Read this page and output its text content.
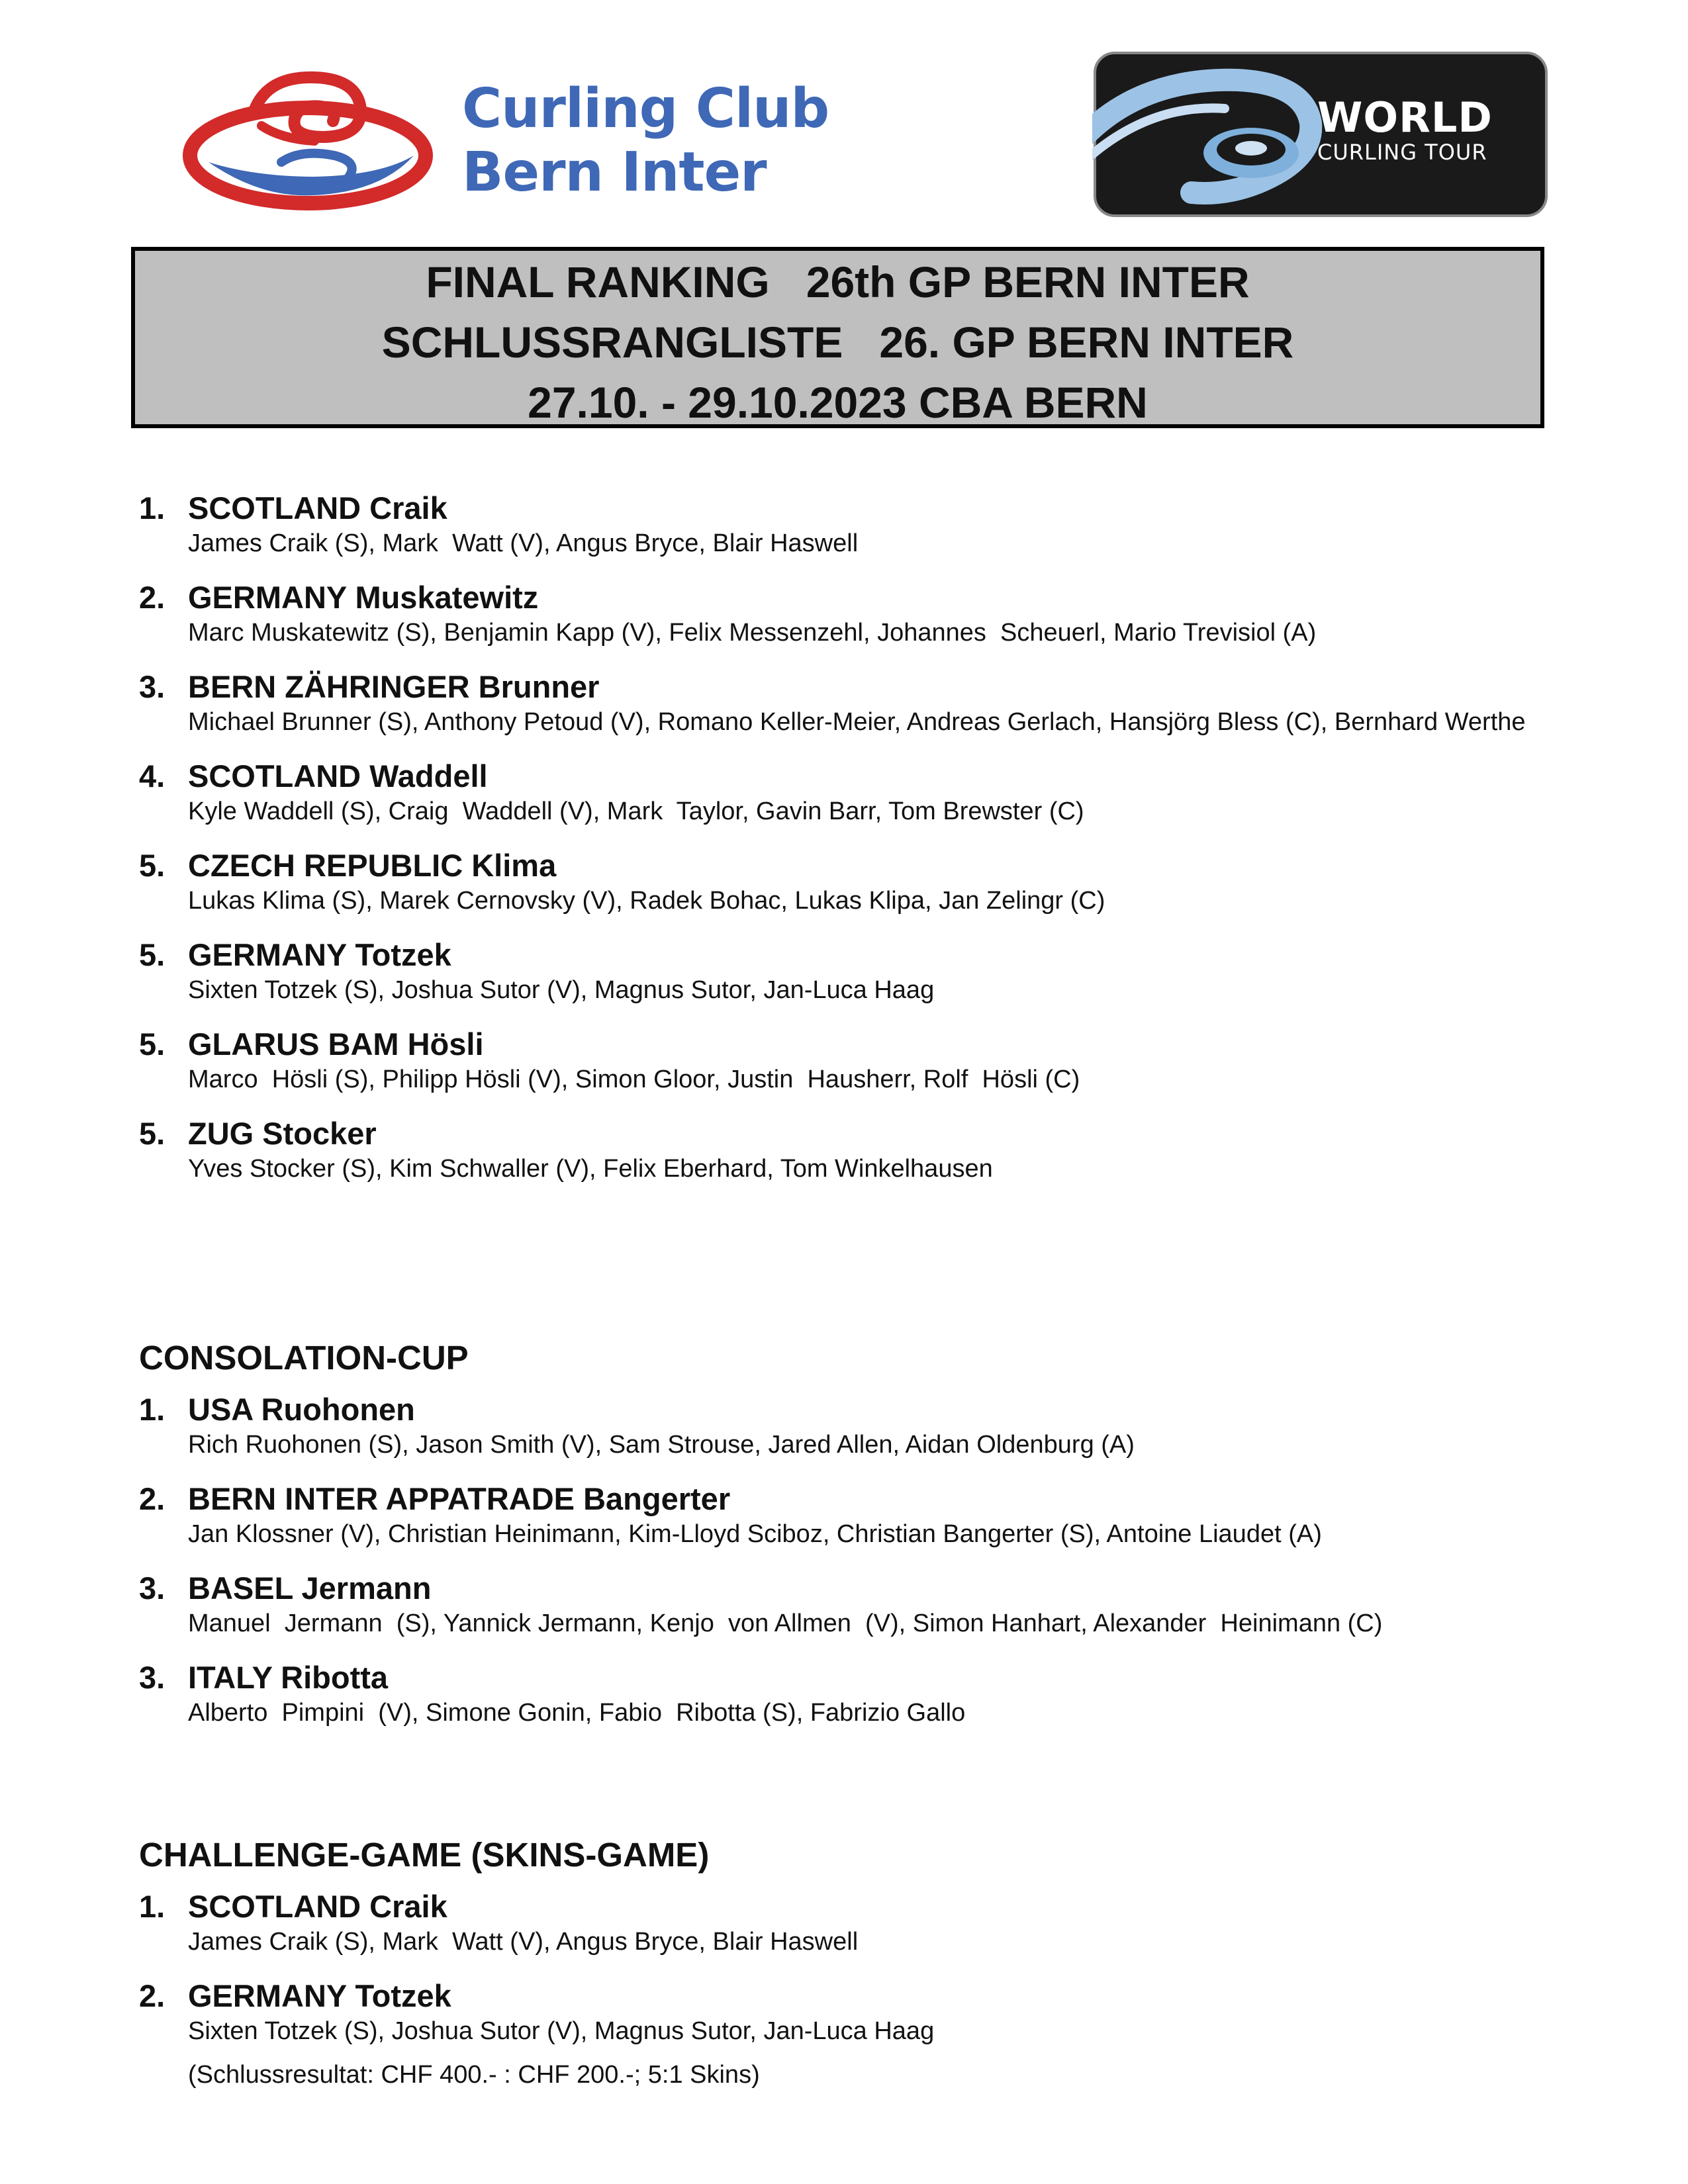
Curling Club
Bern Inter
WORLD
CURLING TOUR
FINAL RANKING   26th GP BERN INTER
SCHLUSSRANGLISTE   26. GP BERN INTER
27.10. - 29.10.2023 CBA BERN
1. SCOTLAND Craik
James Craik (S), Mark  Watt (V), Angus Bryce, Blair Haswell
2. GERMANY Muskatewitz
Marc Muskatewitz (S), Benjamin Kapp (V), Felix Messenzehl, Johannes  Scheuerl, Mario Trevisiol (A)
3. BERN ZÄHRINGER Brunner
Michael Brunner (S), Anthony Petoud (V), Romano Keller-Meier, Andreas Gerlach, Hansjörg Bless (C), Bernhard Werthe
4. SCOTLAND Waddell
Kyle Waddell (S), Craig  Waddell (V), Mark  Taylor, Gavin Barr, Tom Brewster (C)
5. CZECH REPUBLIC Klima
Lukas Klima (S), Marek Cernovsky (V), Radek Bohac, Lukas Klipa, Jan Zelingr (C)
5. GERMANY Totzek
Sixten Totzek (S), Joshua Sutor (V), Magnus Sutor, Jan-Luca Haag
5. GLARUS BAM Hösli
Marco  Hösli (S), Philipp Hösli (V), Simon Gloor, Justin  Hausherr, Rolf  Hösli (C)
5. ZUG Stocker
Yves Stocker (S), Kim Schwaller (V), Felix Eberhard, Tom Winkelhausen
CONSOLATION-CUP
1. USA Ruohonen
Rich Ruohonen (S), Jason Smith (V), Sam Strouse, Jared Allen, Aidan Oldenburg (A)
2. BERN INTER APPATRADE Bangerter
Jan Klossner (V), Christian Heinimann, Kim-Lloyd Sciboz, Christian Bangerter (S), Antoine Liaudet (A)
3. BASEL Jermann
Manuel  Jermann  (S), Yannick Jermann, Kenjo  von Allmen  (V), Simon Hanhart, Alexander  Heinimann (C)
3. ITALY Ribotta
Alberto  Pimpini  (V), Simone Gonin, Fabio  Ribotta (S), Fabrizio Gallo
CHALLENGE-GAME (SKINS-GAME)
1. SCOTLAND Craik
James Craik (S), Mark  Watt (V), Angus Bryce, Blair Haswell
2. GERMANY Totzek
Sixten Totzek (S), Joshua Sutor (V), Magnus Sutor, Jan-Luca Haag
(Schlussresultat: CHF 400.- : CHF 200.-; 5:1 Skins)
